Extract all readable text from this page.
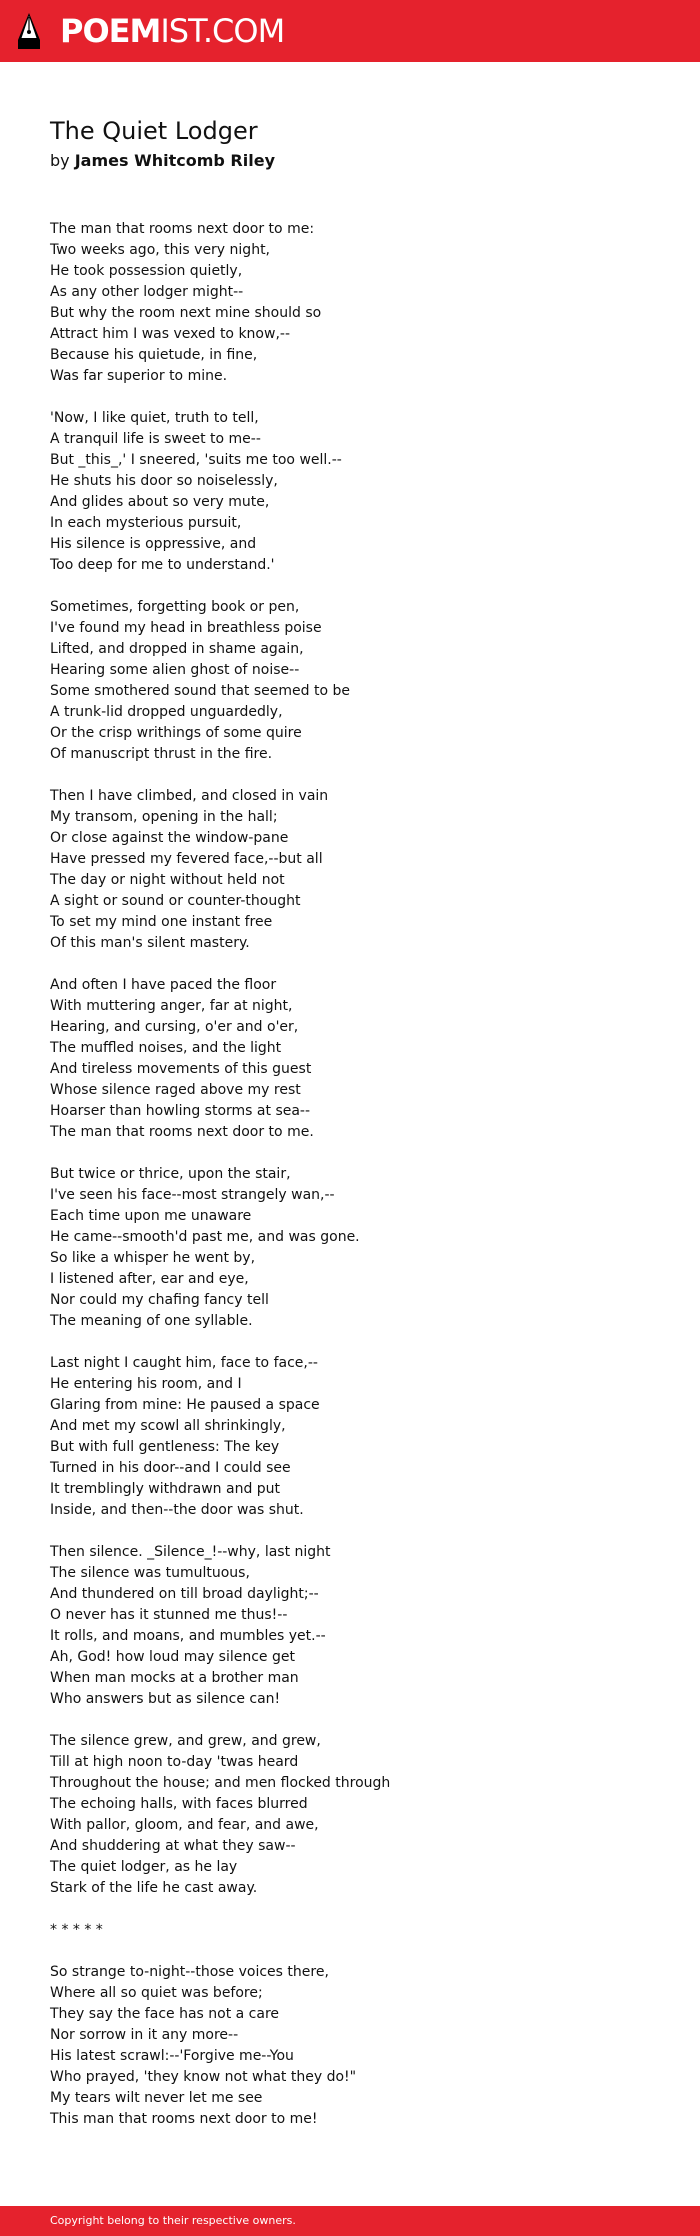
POEMIST.COM
The Quiet Lodger
by James Whitcomb Riley
The man that rooms next door to me:
Two weeks ago, this very night,
He took possession quietly,
As any other lodger might--
But why the room next mine should so
Attract him I was vexed to know,--
Because his quietude, in fine,
Was far superior to mine.
'Now, I like quiet, truth to tell,
A tranquil life is sweet to me--
But _this_,' I sneered, 'suits me too well.--
He shuts his door so noiselessly,
And glides about so very mute,
In each mysterious pursuit,
His silence is oppressive, and
Too deep for me to understand.'
Sometimes, forgetting book or pen,
I've found my head in breathless poise
Lifted, and dropped in shame again,
Hearing some alien ghost of noise--
Some smothered sound that seemed to be
A trunk-lid dropped unguardedly,
Or the crisp writhings of some quire
Of manuscript thrust in the fire.
Then I have climbed, and closed in vain
My transom, opening in the hall;
Or close against the window-pane
Have pressed my fevered face,--but all
The day or night without held not
A sight or sound or counter-thought
To set my mind one instant free
Of this man's silent mastery.
And often I have paced the floor
With muttering anger, far at night,
Hearing, and cursing, o'er and o'er,
The muffled noises, and the light
And tireless movements of this guest
Whose silence raged above my rest
Hoarser than howling storms at sea--
The man that rooms next door to me.
But twice or thrice, upon the stair,
I've seen his face--most strangely wan,--
Each time upon me unaware
He came--smooth'd past me, and was gone.
So like a whisper he went by,
I listened after, ear and eye,
Nor could my chafing fancy tell
The meaning of one syllable.
Last night I caught him, face to face,--
He entering his room, and I
Glaring from mine: He paused a space
And met my scowl all shrinkingly,
But with full gentleness: The key
Turned in his door--and I could see
It tremblingly withdrawn and put
Inside, and then--the door was shut.
Then silence. _Silence_!--why, last night
The silence was tumultuous,
And thundered on till broad daylight;--
O never has it stunned me thus!--
It rolls, and moans, and mumbles yet.--
Ah, God! how loud may silence get
When man mocks at a brother man
Who answers but as silence can!
The silence grew, and grew, and grew,
Till at high noon to-day 'twas heard
Throughout the house; and men flocked through
The echoing halls, with faces blurred
With pallor, gloom, and fear, and awe,
And shuddering at what they saw--
The quiet lodger, as he lay
Stark of the life he cast away.
* * * * *
So strange to-night--those voices there,
Where all so quiet was before;
They say the face has not a care
Nor sorrow in it any more--
His latest scrawl:--'Forgive me--You
Who prayed, 'they know not what they do!"
My tears wilt never let me see
This man that rooms next door to me!
Copyright belong to their respective owners.
